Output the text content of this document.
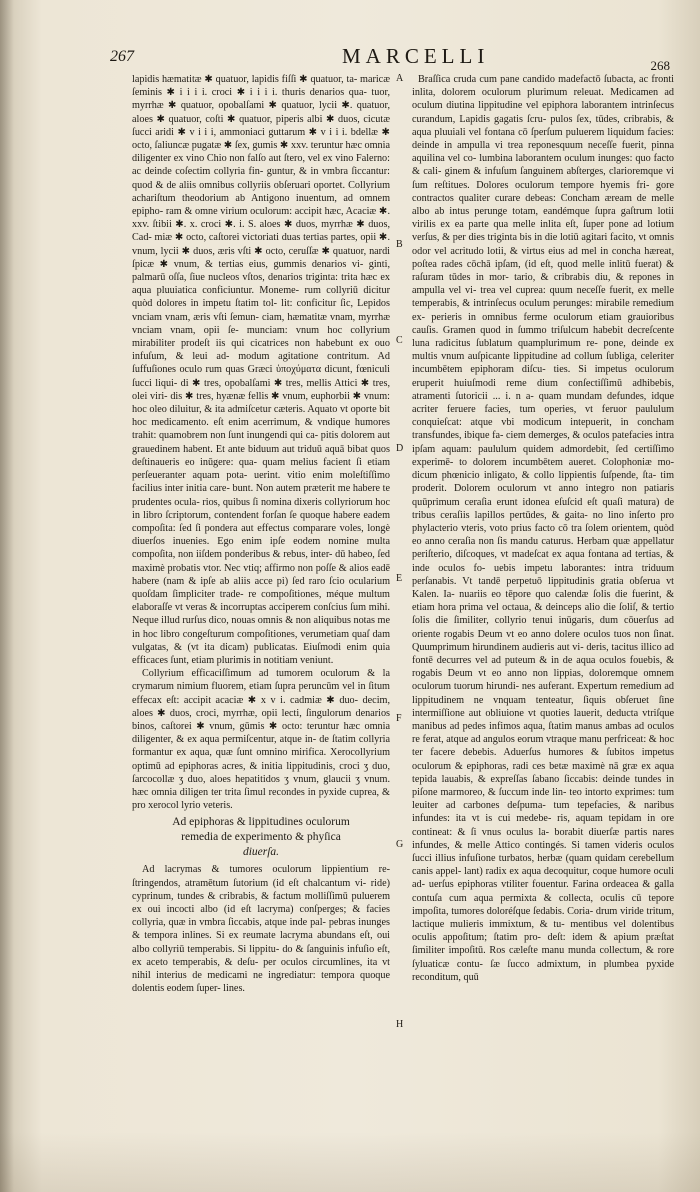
267	MARCELLI	268

lapidis hæmatitæ ✱ quatuor, lapidis fiſſi ✱ quatuor, ta- maricæ ſeminis ✱ i i i i. croci ✱ i i i i. thuris denarios qua- tuor, myrrhæ ✱ quatuor, opobalſami ✱ quatuor, lycii ✱. quatuor, aloes ✱ quatuor, coſti ✱ quatuor, piperis albi ✱ duos, cicutæ ſucci aridi ✱ v i i i, ammoniaci guttarum ✱ v i i i. bdellæ ✱ octo, ſaliuncæ pugatæ ✱ ſex, gumis ✱ xxv. teruntur hæc omnia diligenter ex vino Chio non falſo aut ſtero, vel ex vino Falerno: ac deinde coſectim collyria fin- guntur, & in vmbra ſiccantur: quod & de aliis omnibus collyriis obſeruari oportet. Collyrium achariſtum theodorium ab Antigono inuentum, ad omnem epipho- ram & omne virium oculorum: accipit hæc, Acaciæ ✱. xxv. ſtibii ✱. x. croci ✱. i. S. aloes ✱ duos, myrrhæ ✱ duos, Cad- miæ ✱ octo, caſtorei victoriati duas tertias partes, opii ✱. vnum, lycii ✱ duos, æris vſti ✱ octo, ceruſſæ ✱ quatuor, nardi ſpicæ ✱ vnum, & tertias eius, gummis denarios vi- ginti, palmarū oſſa, ſiue nucleos vſtos, denarios triginta: trita hæc ex aqua pluuiatica conficiuntur. Moneme- rum collyriū dicitur quòd dolores in impetu ſtatim tol- lit: conficitur ſic, Lepidos vnciam vnam, æris vſti ſemun- ciam, hæmatitæ vnam, myrrhæ vnciam vnam, opii ſe- munciam: vnum hoc collyrium mirabiliter prodeſt iis qui cicatrices non habebunt ex ouo infuſum, & leui ad- modum agitatione contritum. Ad ſuffuſiones oculo rum quas Græci ὑποχύματα dicunt, fœniculi ſucci liqui- di ✱ tres, opobalſami ✱ tres, mellis Attici ✱ tres, olei viri- dis ✱ tres, hyænæ fellis ✱ vnum, euphorbii ✱ vnum: hoc oleo diluitur, & ita admiſcetur cæteris. Aquato vt oporte bit hoc medicamento. eſt enim acerrimum, & vndique humores trahit: quamobrem non ſunt inungendi qui ca- pitis dolorem aut grauedinem habent. Et ante biduum aut triduū aquā bibat quos deſtinaueris eo inūgere: qua- quam melius facient ſi etiam perſeueranter aquam pota- uerint. vitio enim moleſtiſſimo facilius inter initia care- bunt. Non autem præterit me habere te prudentes ocula- rios, quibus ſi nomina dixeris collyriorum hoc in libro ſcriptorum, contendent forſan ſe quoque habere eadem compoſita: ſed ſi pondera aut effectus comparare voles, longè diuerſos inuenies. Ego enim ipſe eodem nomine multa compoſita, non iiſdem ponderibus & rebus, inter- dū habeo, ſed maximè probatis vtor. Nec vtiq; affirmo non poſſe & alios eadē habere (nam & ipſe ab aliis acce pi) ſed raro ſcio ocularium quoſdam ſimpliciter trade- re compoſitiones, méque multum elaboraſſe vt veras & incorruptas acciperem conſcius ſum mihi. Neque illud rurſus dico, nouas omnis & non aliquibus notas me in hoc libro congeſturum compoſitiones, verumetiam quaſ dam vulgatas, & (vt ita dicam) publicatas. Eiuſmodi enim quia efficaces ſunt, etiam plurimis in notitiam veniunt.

Collyrium efficaciſſimum ad tumorem oculorum & la crymarum nimium fluorem, etiam ſupra peruncūm vel in ſitum effecax eſt: accipit acaciæ ✱ x v i. cadmiæ ✱ duo- decim, aloes ✱ duos, croci, myrrhæ, opii lecti, ſingulorum denarios binos, caſtorei ✱ vnum, gūmis ✱ octo: teruntur hæc omnia diligenter, & ex aqua permiſcentur, atque in- de ſtatim collyria formantur ex aqua, quæ ſunt omnino mirifica. Xerocollyrium optimū ad epiphoras acres, & initia lippitudinis, croci ʒ duo, ſarcocollæ ʒ duo, aloes hepatitidos ʒ vnum, glaucii ʒ vnum. hæc omnia diligen ter trita ſimul recondes in pyxide cuprea, & pro xerocol lyrio veteris.

Ad epiphoras & lippitudines oculorum
remedia de experimento & phyſica
diuerſa.

Ad lacrymas & tumores oculorum lippientium re- ſtringendos, atramētum ſutorium (id eſt chalcantum vi- ride) cyprinum, tundes & cribrabis, & factum molliſſimū puluerem ex oui incocti albo (id eſt lacryma) conſperges; & facies collyria, quæ in vmbra ſiccabis, atque inde pal- pebras inunges & tempora inlines. Si ex reumate lacryma abundans eſt, oui albo collyriū temperabis. Si lippitu- do & ſanguinis infuſio eſt, ex aceto temperabis, & deſu- per oculos circumlines, ita vt nihil interius de medicami ne ingrediatur: tempora quoque dolentis eodem ſuper- lines.

A
B
C
D
E
F
G
H

Braſſica cruda cum pane candido madefactō ſubacta, ac fronti inlita, dolorem oculorum plurimum releuat. Medicamen ad oculum diutina lippitudine vel epiphora laborantem intrinſecus curandum, Lapidis gagatis ſcru- pulos ſex, tūdes, cribrabis, & aqua pluuiali vel fontana cō ſperſum puluerem liquidum facies: deinde in ampulla vi trea reponesquum neceſſe fuerit, pinna aquilina vel co- lumbina laborantem oculum inunges: quo facto & cali- ginem & infuſum ſanguinem abſterges, clarioremque vi ſum reſtitues. Dolores oculorum tempore hyemis fri- gore contractos qualiter curare debeas: Concham æream de melle albo ab intus perunge totam, eandémque ſupra gaſtrum lotii virilis ex ea parte qua melle inlita eſt, ſuper pone ad lotium verſus, & per dies triginta bis in die lotiū agitari facito, vt omnis odor vel acritudo lotii, & virtus eius ad mel in concha hæreat, poſtea rades cōchā ipſam, (id eſt, quod melle inlitū fuerat) & raſuram tūdes in mor- tario, & cribrabis diu, & repones in ampulla vel vi- trea vel cuprea: quum neceſſe fuerit, ex melle temperabis, & intrinſecus oculum perunges: mirabile remedium ex- perieris in omnibus ferme oculorum etiam grauioribus cauſis. Gramen quod in ſummo triſulcum habebit decreſcente luna radicitus ſublatum quamplurimum re- pone, deinde ex multis vnum auſpicante lippitudine ad collum ſubliga, celeriter incumbētem epiphoram diſcu- ties. Si impetus oculorum eruperit huiuſmodi reme dium conſectiſſimū adhibebis, atramenti ſutoricii ... i. n a- quam mundam defundes, idque acriter feruere facies, tum operies, vt feruor paululum conquieſcat: atque vbi modicum intepuerit, in concham transfundes, ibique fa- ciem demerges, & oculos patefacies intra ipſam aquam: paululum quidem admordebit, ſed certiſſimo experimē- to dolorem incumbētem aueret. Colophoniæ mo- dicum phœnicio inligato, & collo lippientis ſuſpende, ſta- tim proderit. Dolorem oculorum vt anno integro non patiaris quūprimum ceraſia erunt idonea eſuſcid eſt quaſi matura) de tribus ceraſiis lapillos pertūdes, & gaita- no lino inſerto pro phylacterio vteris, voto prius facto cō tra ſolem orientem, quòd eo anno ceraſia non ſis mandu caturus. Herbam quæ appellatur periſterio, diſcoques, vt madeſcat ex aqua fontana ad tertias, & inde oculos fo- uebis impetu laborantes: intra triduum perſanabis. Vt tandē perpetuō lippitudinis gratia obſerua vt Kalen. Ia- nuariis eo tēpore quo calendæ ſolis die fuerint, & etiam hora prima vel octaua, & deinceps alio die ſoliſ, & tertio ſolis die ſimiliter, collyrio tenui inūgaris, dum cōuerſus ad oriente rogabis Deum vt eo anno dolere oculos tuos non ſinat. Quumprimum hirundinem audieris aut vi- deris, tacitus illico ad fontē decurres vel ad puteum & in de aqua oculos fouebis, & rogabis Deum vt eo anno non lippias, doloremque omnem oculorum tuorum hirundi- nes auferant. Expertum remedium ad lippitudinem ne vnquam tenteatur, ſiquis obſeruet ſine intermiſſione aut obliuione vt quoties lauerit, deducta vtriſque manibus ad pedes infimos aqua, ſtatim manus ambas ad oculos re ferat, atque ad angulos eorum vtraque manu perfriceat: & hoc ter facere debebis. Aduerſus humores & ſubitos impetus oculorum & epiphoras, radi ces betæ maximè nā græ ex aqua tepida lauabis, & expreſſas ſabano ſiccabis: deinde tundes in piſone marmoreo, & ſuccum inde lin- teo intorto exprimes: tum leuiter ad carbones deſpuma- tum tepefacies, & naribus infundes: ita vt is cui medebe- ris, aquam tepidam in ore contineat: & ſi vnus oculus la- borabit diuerſæ partis nares infundes, & melle Attico contingés. Si tamen videris oculos ſucci illius infuſione turbatos, herbæ (quam quidam cerebellum canis appel- lant) radix ex aqua decoquitur, coque humore oculi ad- uerſus epiphoras vtiliter fouentur. Farina ordeacea & galla contuſa cum aqua permixta & collecta, oculis cū tepore impoſita, tumores doloréſque ſedabis. Coria- drum viride tritum, lactique mulieris immixtum, & tu- mentibus vel dolentibus oculis appoſitum; ſtatim pro- deſt: idem & apium præſtat ſimiliter impoſitū. Ros cæleſte manu munda collectum, & rore ſyluaticæ contu- ſæ ſucco admixtum, in plumbea pyxide reconditum, quū
